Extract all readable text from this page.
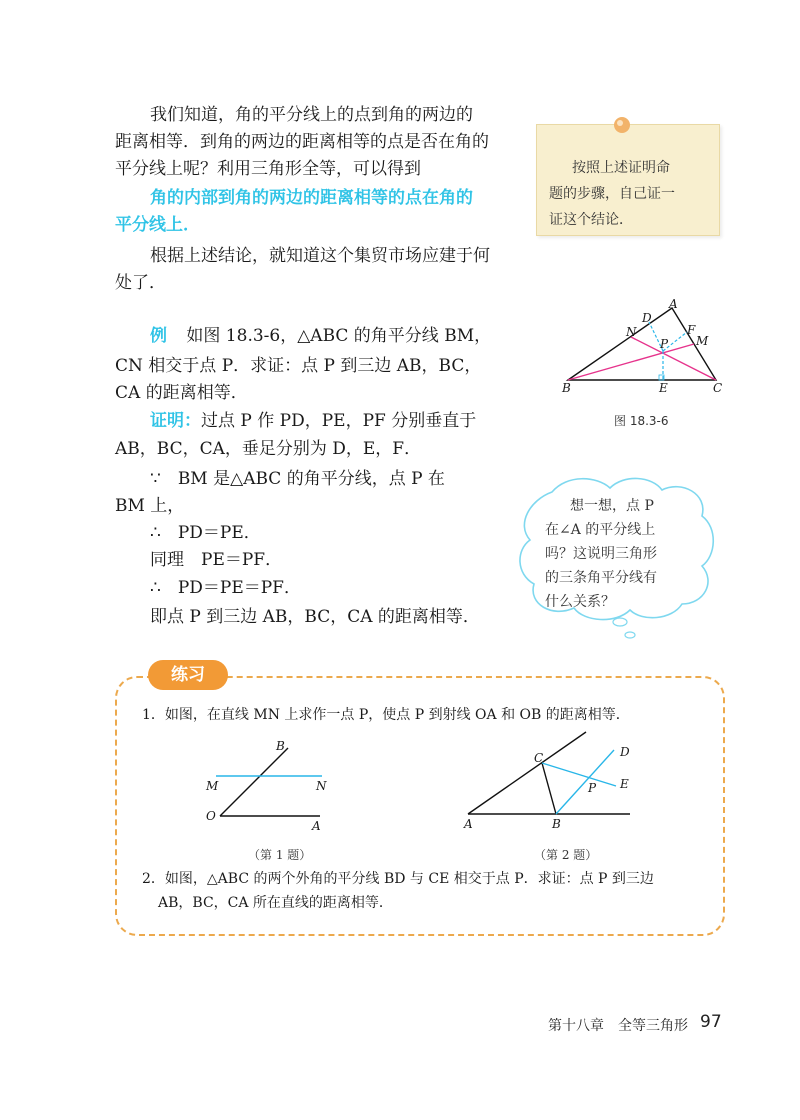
我们知道，角的平分线上的点到角的两边的
距离相等．到角的两边的距离相等的点是否在角的
平分线上呢？利用三角形全等，可以得到
角的内部到角的两边的距离相等的点在角的
平分线上．
根据上述结论，就知道这个集贸市场应建于何
处了．
按照上述证明命
题的步骤，自己证一
证这个结论．
例 如图 18.3-6，△ABC 的角平分线 BM，
CN 相交于点 P．求证：点 P 到三边 AB，BC，
CA 的距离相等．
证明：过点 P 作 PD，PE，PF 分别垂直于
AB，BC，CA，垂足分别为 D，E，F．
∵　BM 是△ABC 的角平分线，点 P 在
BM 上，
∴　PD＝PE．
同理　PE＝PF．
∴　PD＝PE＝PF．
即点 P 到三边 AB，BC，CA 的距离相等．
A
B	C
D
E
F
M
N
P
图 18.3-6
想一想，点 P
在∠A 的平分线上
吗？这说明三角形
的三条角平分线有
什么关系？
练习
1．如图，在直线 MN 上求作一点 P，使点 P 到射线 OA 和 OB 的距离相等．
B
M	N
O
A
（第 1 题）
C	D
P E
A	B
（第 2 题）
2．如图，△ABC 的两个外角的平分线 BD 与 CE 相交于点 P．求证：点 P 到三边
AB，BC，CA 所在直线的距离相等．
第十八章　全等三角形 97
